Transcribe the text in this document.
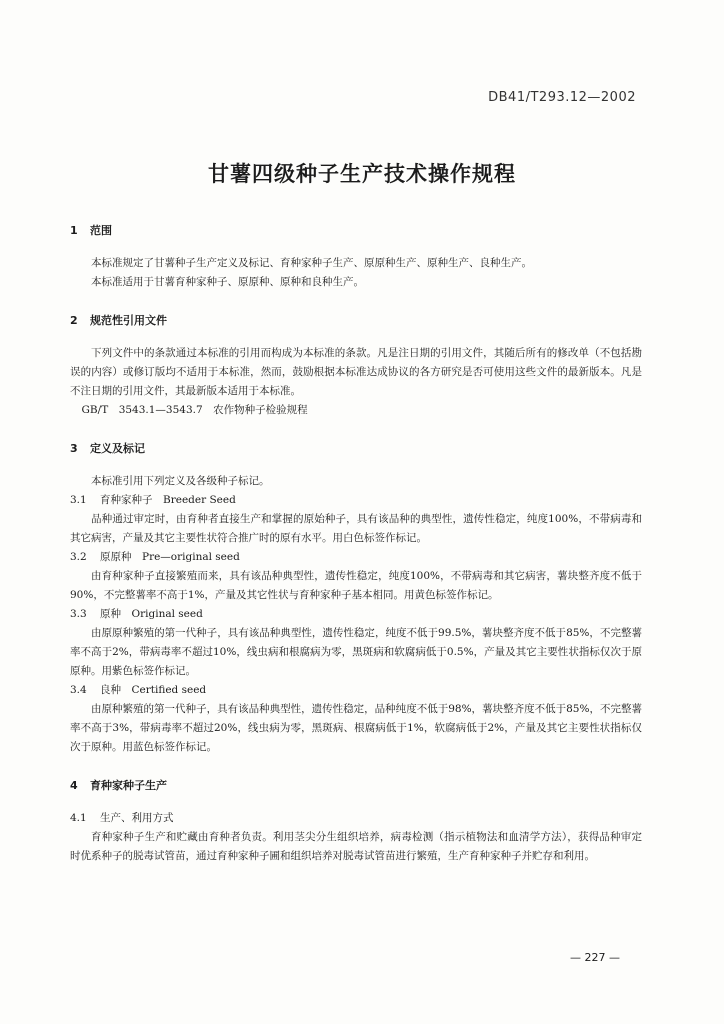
DB41/T293.12—2002
甘薯四级种子生产技术操作规程
1 范围

本标准规定了甘薯种子生产定义及标记、育种家种子生产、原原种生产、原种生产、良种生产。

本标准适用于甘薯育种家种子、原原种、原种和良种生产。

2 规范性引用文件

下列文件中的条款通过本标准的引用而构成为本标准的条款。凡是注日期的引用文件，其随后所有的修改单（不包括勘误的内容）或修订版均不适用于本标准，然而，鼓励根据本标准达成协议的各方研究是否可使用这些文件的最新版本。凡是不注日期的引用文件，其最新版本适用于本标准。

GB/T　3543.1—3543.7　农作物种子检验规程

3 定义及标记

本标准引用下列定义及各级种子标记。

3.1 育种家种子　Breeder Seed

品种通过审定时，由育种者直接生产和掌握的原始种子，具有该品种的典型性，遗传性稳定，纯度100%，不带病毒和其它病害，产量及其它主要性状符合推广时的原有水平。用白色标签作标记。

3.2 原原种　Pre—original seed

由育种家种子直接繁殖而来，具有该品种典型性，遗传性稳定，纯度100%，不带病毒和其它病害，薯块整齐度不低于90%，不完整薯率不高于1%，产量及其它性状与育种家种子基本相同。用黄色标签作标记。

3.3 原种　Original seed

由原原种繁殖的第一代种子，具有该品种典型性，遗传性稳定，纯度不低于99.5%，薯块整齐度不低于85%，不完整薯率不高于2%，带病毒率不超过10%，线虫病和根腐病为零，黑斑病和软腐病低于0.5%，产量及其它主要性状指标仅次于原原种。用紫色标签作标记。

3.4 良种　Certified seed

由原种繁殖的第一代种子，具有该品种典型性，遗传性稳定，品种纯度不低于98%，薯块整齐度不低于85%，不完整薯率不高于3%，带病毒率不超过20%，线虫病为零，黑斑病、根腐病低于1%，软腐病低于2%，产量及其它主要性状指标仅次于原种。用蓝色标签作标记。

4 育种家种子生产

4.1 生产、利用方式

育种家种子生产和贮藏由育种者负责。利用茎尖分生组织培养，病毒检测（指示植物法和血清学方法），获得品种审定时优系种子的脱毒试管苗，通过育种家种子圃和组织培养对脱毒试管苗进行繁殖，生产育种家种子并贮存和利用。

— 227 —
